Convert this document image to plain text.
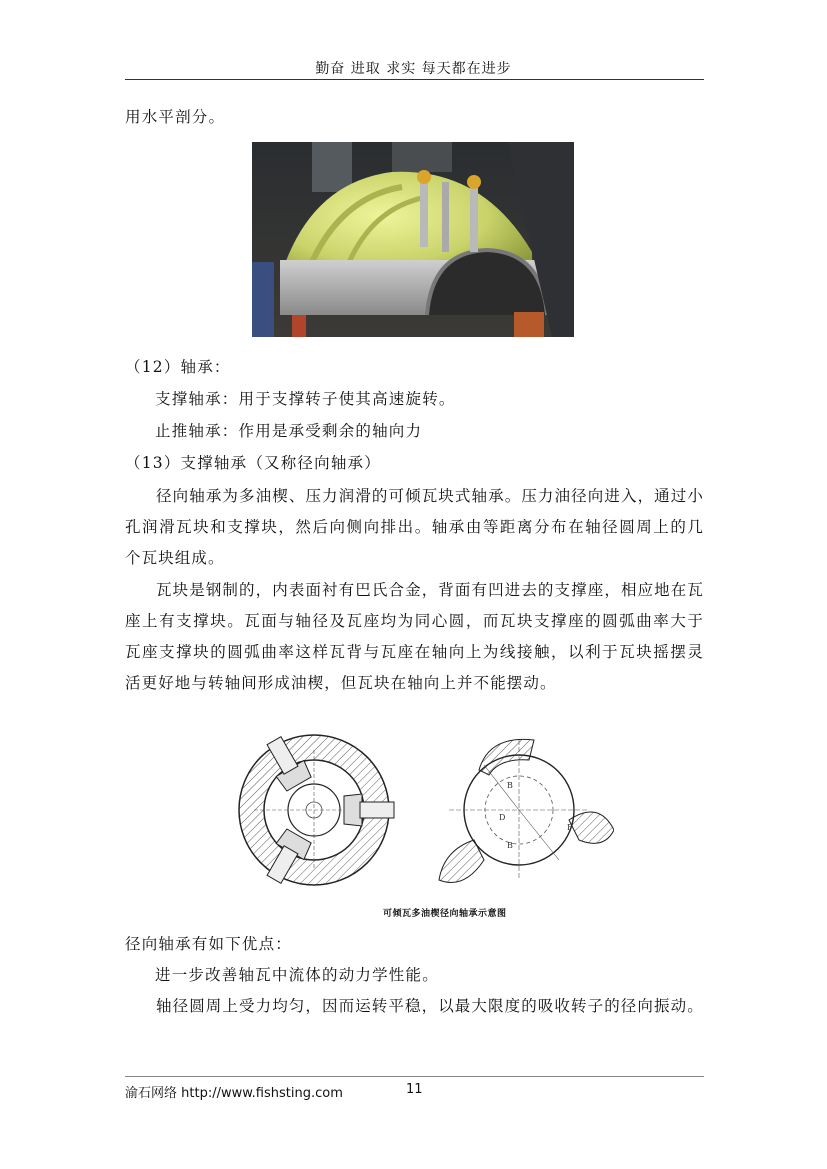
勤奋 进取 求实 每天都在进步
用水平剖分。
（12）轴承：
支撑轴承：用于支撑转子使其高速旋转。
止推轴承：作用是承受剩余的轴向力
（13）支撑轴承（又称径向轴承）
径向轴承为多油楔、压力润滑的可倾瓦块式轴承。压力油径向进入，通过小孔润滑瓦块和支撑块，然后向侧向排出。轴承由等距离分布在轴径圆周上的几个瓦块组成。
瓦块是钢制的，内表面衬有巴氏合金，背面有凹进去的支撑座，相应地在瓦座上有支撑块。瓦面与轴径及瓦座均为同心圆，而瓦块支撑座的圆弧曲率大于瓦座支撑块的圆弧曲率这样瓦背与瓦座在轴向上为线接触，以利于瓦块摇摆灵活更好地与转轴间形成油楔，但瓦块在轴向上并不能摆动。
B
D
B
F
可倾瓦多油楔径向轴承示意图
径向轴承有如下优点：
进一步改善轴瓦中流体的动力学性能。
轴径圆周上受力均匀，因而运转平稳，以最大限度的吸收转子的径向振动。
渝石网络 http://www.fishsting.com	11
